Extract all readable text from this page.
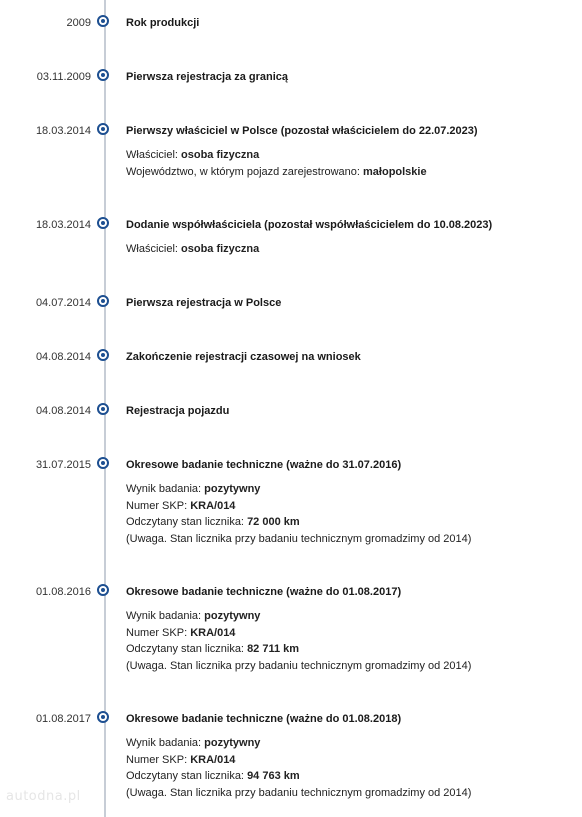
2009	Rok produkcji
03.11.2009	Pierwsza rejestracja za granicą
18.03.2014	Pierwszy właściciel w Polsce (pozostał właścicielem do 22.07.2023)
Właściciel: osoba fizyczna
Województwo, w którym pojazd zarejestrowano: małopolskie
18.03.2014	Dodanie współwłaściciela (pozostał współwłaścicielem do 10.08.2023)
Właściciel: osoba fizyczna
04.07.2014	Pierwsza rejestracja w Polsce
04.08.2014	Zakończenie rejestracji czasowej na wniosek
04.08.2014	Rejestracja pojazdu
31.07.2015	Okresowe badanie techniczne (ważne do 31.07.2016)
Wynik badania: pozytywny
Numer SKP: KRA/014
Odczytany stan licznika: 72 000 km
(Uwaga. Stan licznika przy badaniu technicznym gromadzimy od 2014)
01.08.2016	Okresowe badanie techniczne (ważne do 01.08.2017)
Wynik badania: pozytywny
Numer SKP: KRA/014
Odczytany stan licznika: 82 711 km
(Uwaga. Stan licznika przy badaniu technicznym gromadzimy od 2014)
01.08.2017	Okresowe badanie techniczne (ważne do 01.08.2018)
Wynik badania: pozytywny
Numer SKP: KRA/014
Odczytany stan licznika: 94 763 km
(Uwaga. Stan licznika przy badaniu technicznym gromadzimy od 2014)
autodna.pl
